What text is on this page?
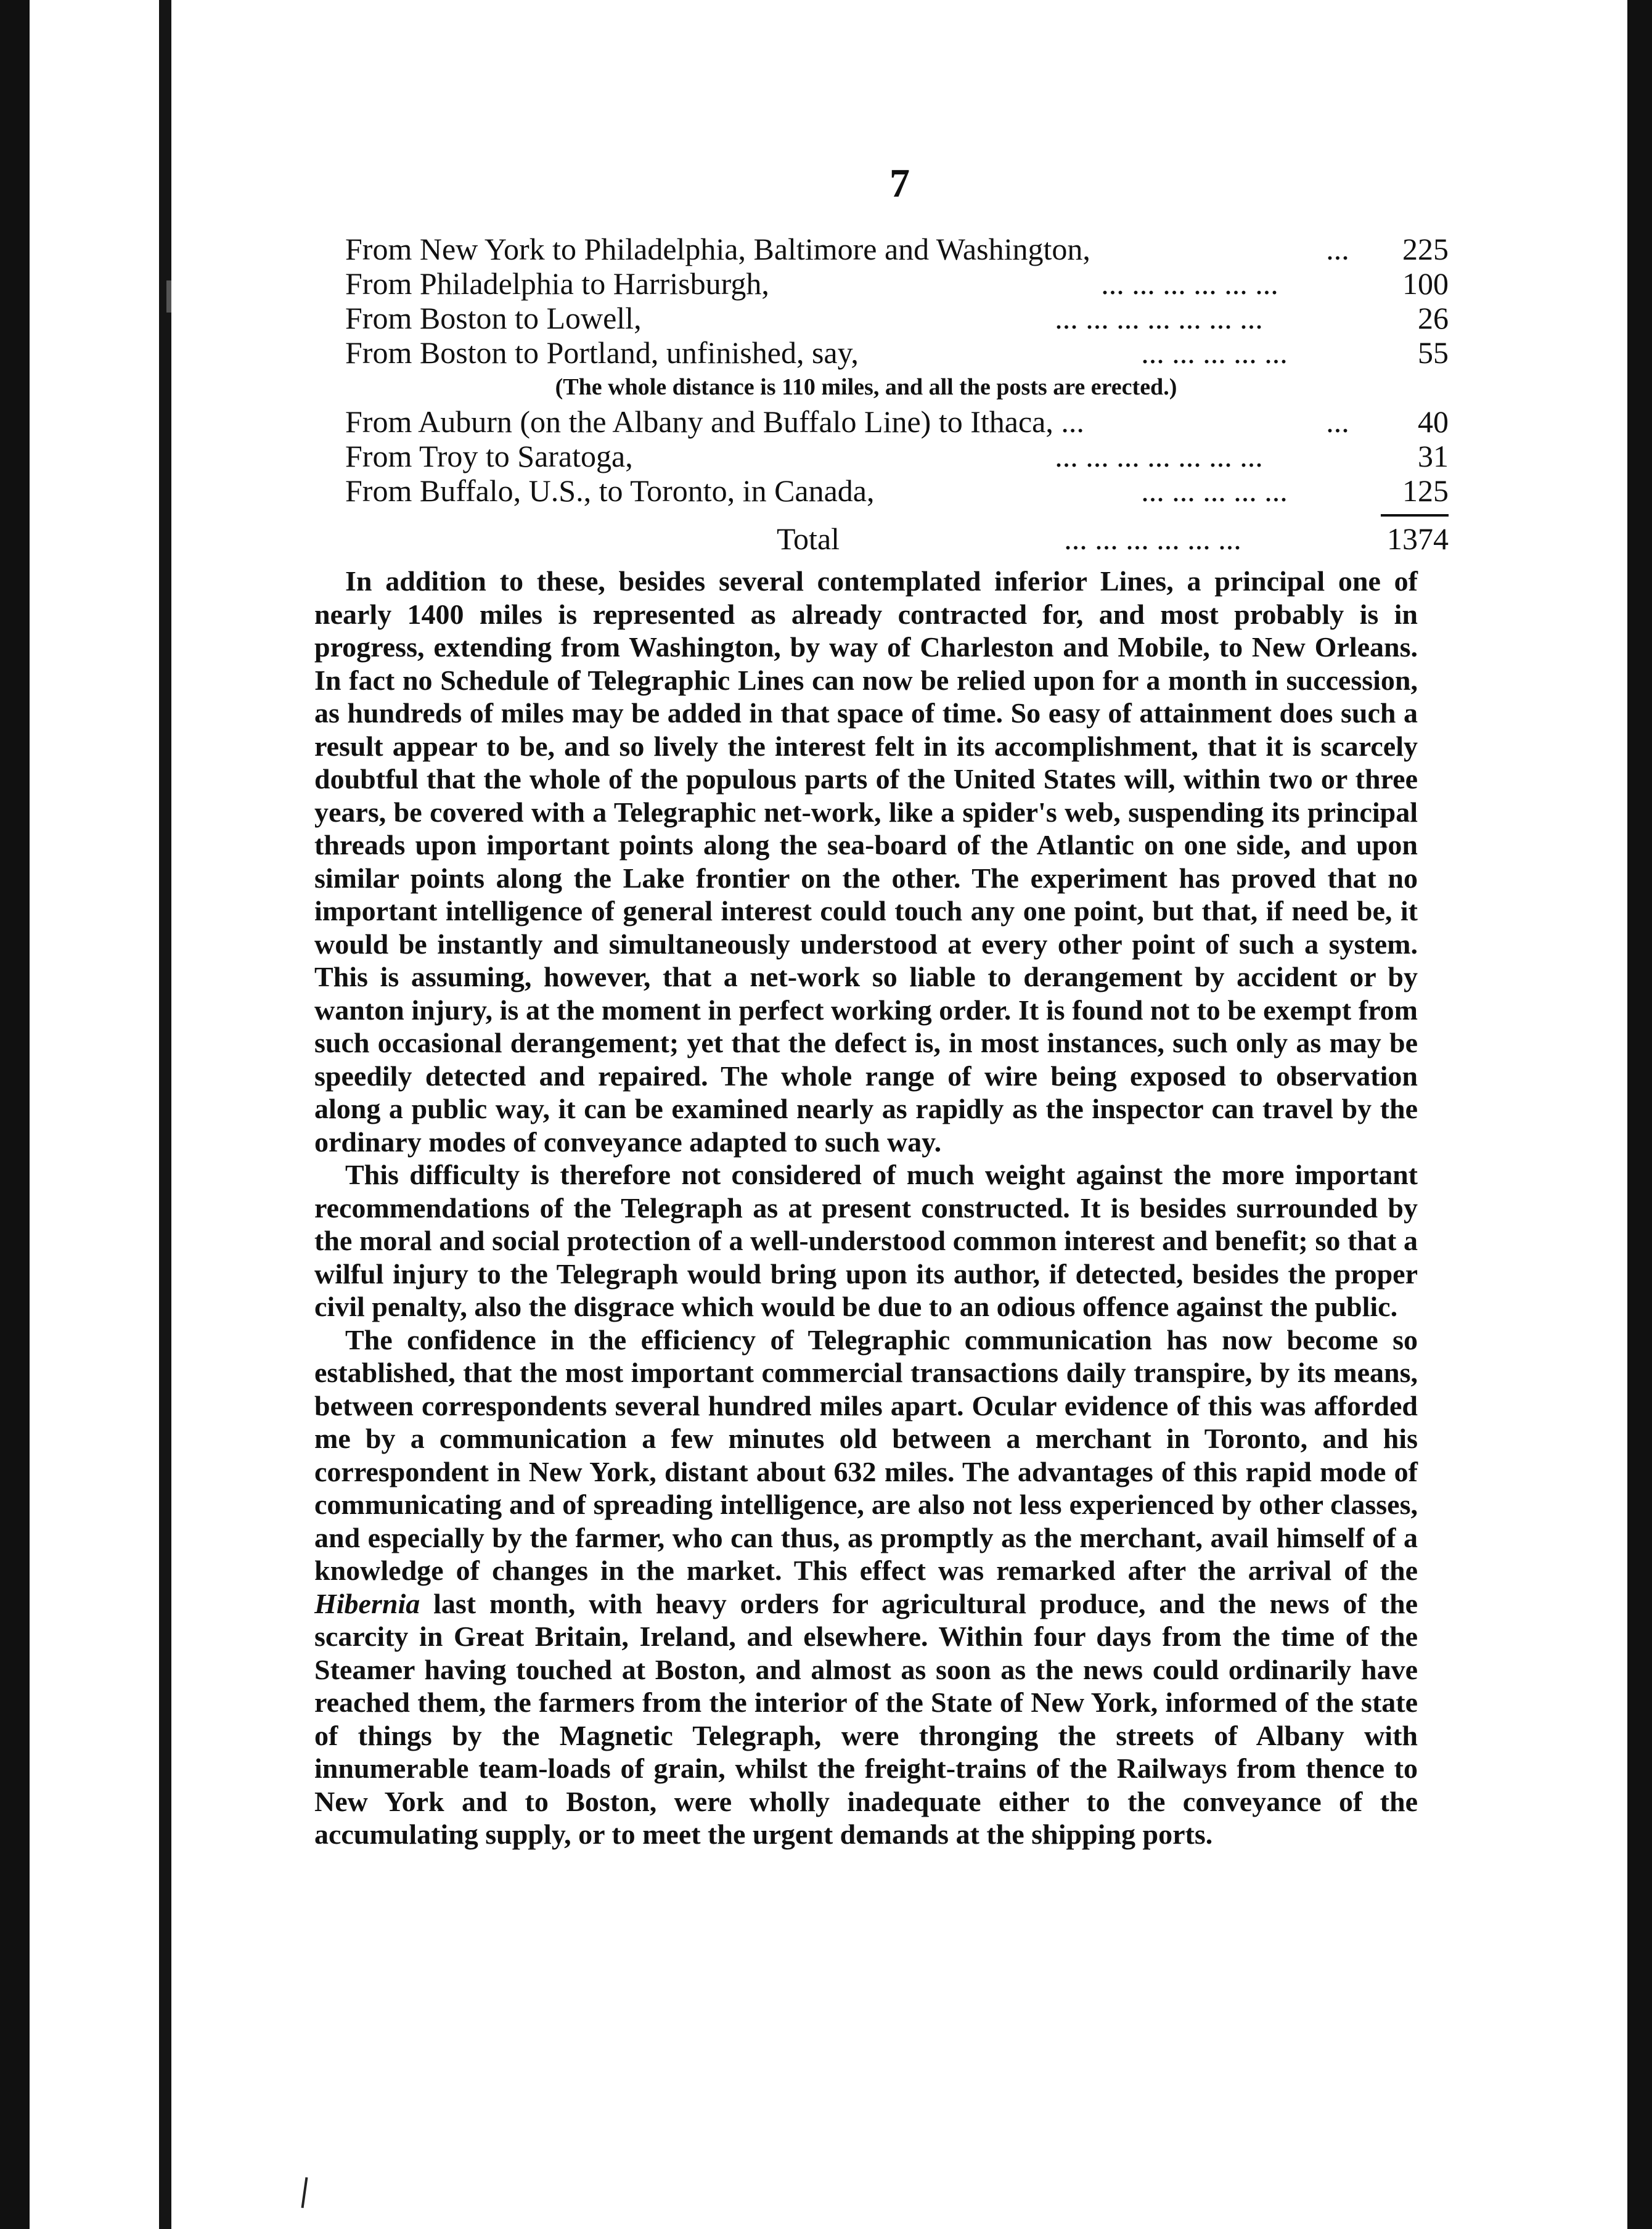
7
From New York to Philadelphia, Baltimore and Washington,	...	225
From Philadelphia to Harrisburgh,	... ... ... ... ... ...	100
From Boston to Lowell,	... ... ... ... ... ... ...	26
From Boston to Portland, unfinished, say,	... ... ... ... ...	55
(The whole distance is 110 miles, and all the posts are erected.)
From Auburn (on the Albany and Buffalo Line) to Ithaca, ...	...	40
From Troy to Saratoga,	... ... ... ... ... ... ...	31
From Buffalo, U.S., to Toronto, in Canada,	... ... ... ... ...	125
Total	... ... ... ... ... ...	1374

In addition to these, besides several contemplated inferior Lines, a principal one of nearly 1400 miles is represented as already contracted for, and most probably is in progress, extending from Washington, by way of Charleston and Mobile, to New Orleans. In fact no Schedule of Telegraphic Lines can now be relied upon for a month in succession, as hundreds of miles may be added in that space of time. So easy of attainment does such a result appear to be, and so lively the interest felt in its accomplishment, that it is scarcely doubtful that the whole of the populous parts of the United States will, within two or three years, be covered with a Telegraphic net-work, like a spider's web, suspending its principal threads upon important points along the sea-board of the Atlantic on one side, and upon similar points along the Lake frontier on the other. The experiment has proved that no important intelligence of general interest could touch any one point, but that, if need be, it would be instantly and simultaneously understood at every other point of such a system. This is assuming, however, that a net-work so liable to derangement by accident or by wanton injury, is at the moment in perfect working order. It is found not to be exempt from such occasional derangement; yet that the defect is, in most instances, such only as may be speedily detected and repaired. The whole range of wire being exposed to observation along a public way, it can be examined nearly as rapidly as the inspector can travel by the ordinary modes of conveyance adapted to such way.

This difficulty is therefore not considered of much weight against the more important recommendations of the Telegraph as at present constructed. It is besides surrounded by the moral and social protection of a well-understood common interest and benefit; so that a wilful injury to the Telegraph would bring upon its author, if detected, besides the proper civil penalty, also the disgrace which would be due to an odious offence against the public.

The confidence in the efficiency of Telegraphic communication has now become so established, that the most important commercial transactions daily transpire, by its means, between correspondents several hundred miles apart. Ocular evidence of this was afforded me by a communication a few minutes old between a merchant in Toronto, and his correspondent in New York, distant about 632 miles. The advantages of this rapid mode of communicating and of spreading intelligence, are also not less experienced by other classes, and especially by the farmer, who can thus, as promptly as the merchant, avail himself of a knowledge of changes in the market. This effect was remarked after the arrival of the Hibernia last month, with heavy orders for agricultural produce, and the news of the scarcity in Great Britain, Ireland, and elsewhere. Within four days from the time of the Steamer having touched at Boston, and almost as soon as the news could ordinarily have reached them, the farmers from the interior of the State of New York, informed of the state of things by the Magnetic Telegraph, were thronging the streets of Albany with innumerable team-loads of grain, whilst the freight-trains of the Railways from thence to New York and to Boston, were wholly inadequate either to the conveyance of the accumulating supply, or to meet the urgent demands at the shipping ports.
